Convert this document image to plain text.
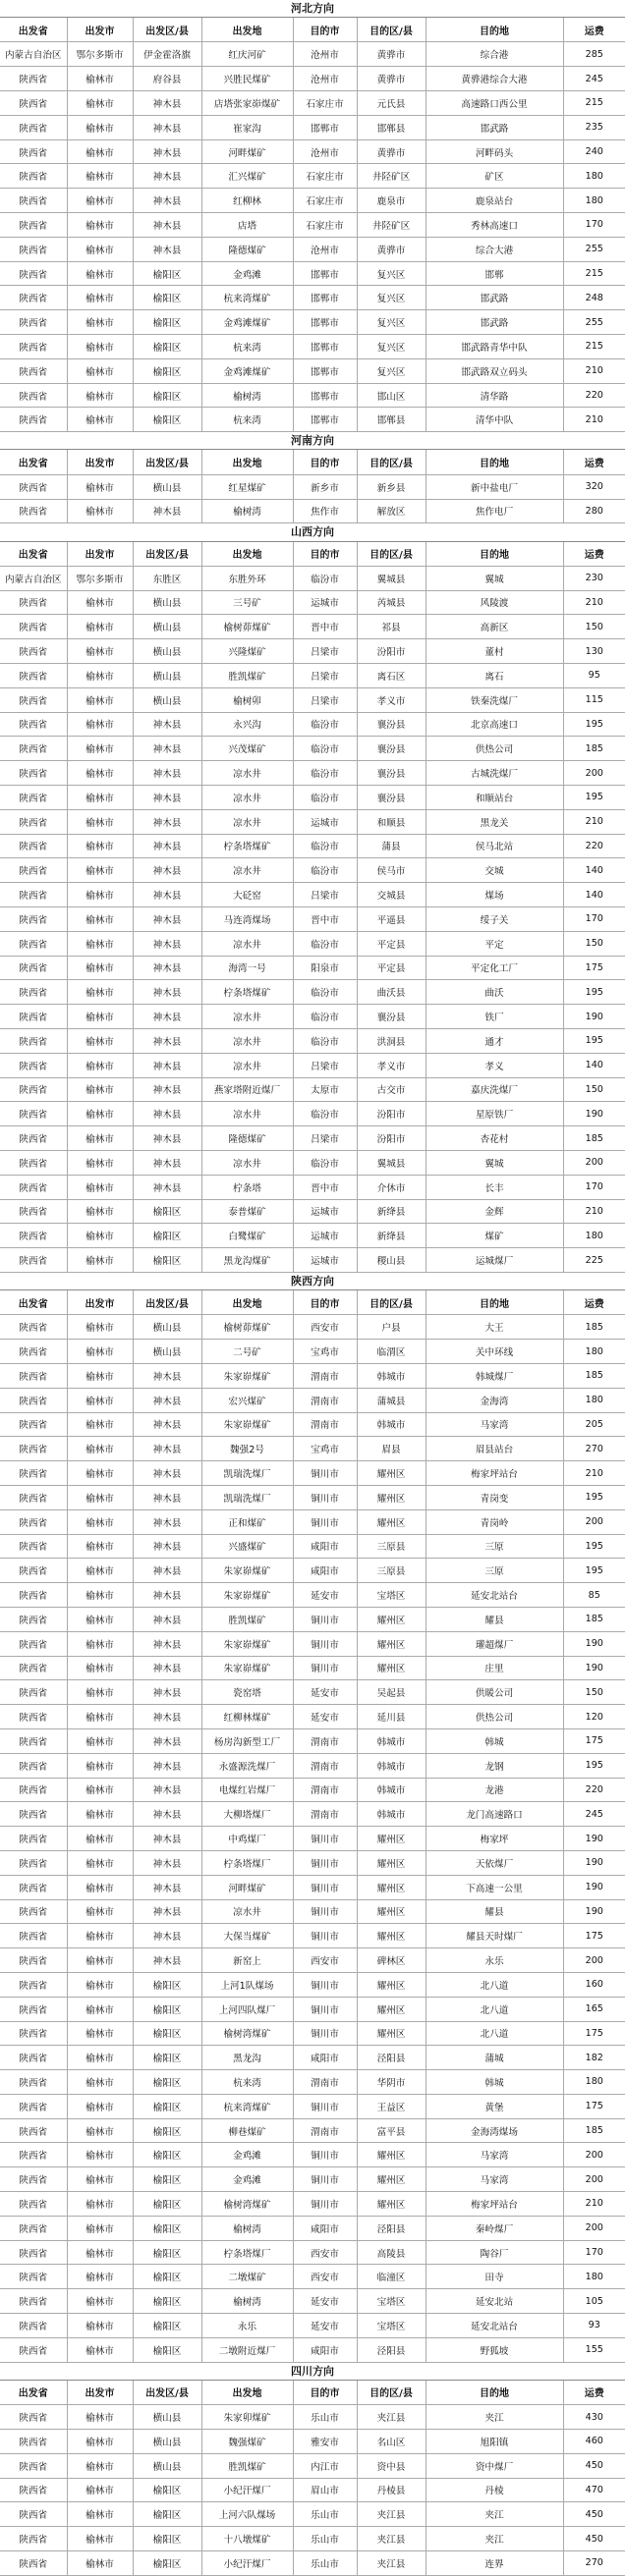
河北方向
出发省	出发市	出发区/县	出发地	目的市	目的区/县	目的地	运费
内蒙古自治区	鄂尔多斯市	伊金霍洛旗	红庆河矿	沧州市	黄骅市	综合港	285
陕西省	榆林市	府谷县	兴胜民煤矿	沧州市	黄骅市	黄骅港综合大港	245
陕西省	榆林市	神木县	店塔张家峁煤矿	石家庄市	元氏县	高速路口西公里	215
陕西省	榆林市	神木县	崔家沟	邯郸市	邯郸县	邯武路	235
陕西省	榆林市	神木县	河畔煤矿	沧州市	黄骅市	河畔码头	240
陕西省	榆林市	神木县	汇兴煤矿	石家庄市	井陉矿区	矿区	180
陕西省	榆林市	神木县	红柳林	石家庄市	鹿泉市	鹿泉站台	180
陕西省	榆林市	神木县	店塔	石家庄市	井陉矿区	秀林高速口	170
陕西省	榆林市	神木县	隆德煤矿	沧州市	黄骅市	综合大港	255
陕西省	榆林市	榆阳区	金鸡滩	邯郸市	复兴区	邯郸	215
陕西省	榆林市	榆阳区	杭来湾煤矿	邯郸市	复兴区	邯武路	248
陕西省	榆林市	榆阳区	金鸡滩煤矿	邯郸市	复兴区	邯武路	255
陕西省	榆林市	榆阳区	杭来湾	邯郸市	复兴区	邯武路青华中队	215
陕西省	榆林市	榆阳区	金鸡滩煤矿	邯郸市	复兴区	邯武路双立码头	210
陕西省	榆林市	榆阳区	榆树湾	邯郸市	邯山区	清华路	220
陕西省	榆林市	榆阳区	杭来湾	邯郸市	邯郸县	清华中队	210
河南方向
出发省	出发市	出发区/县	出发地	目的市	目的区/县	目的地	运费
陕西省	榆林市	横山县	红星煤矿	新乡市	新乡县	新中盐电厂	320
陕西省	榆林市	神木县	榆树湾	焦作市	解放区	焦作电厂	280
山西方向
出发省	出发市	出发区/县	出发地	目的市	目的区/县	目的地	运费
内蒙古自治区	鄂尔多斯市	东胜区	东胜外环	临汾市	翼城县	翼城	230
陕西省	榆林市	横山县	三号矿	运城市	芮城县	风陵渡	210
陕西省	榆林市	横山县	榆树茆煤矿	晋中市	祁县	高新区	150
陕西省	榆林市	横山县	兴隆煤矿	吕梁市	汾阳市	董村	130
陕西省	榆林市	横山县	胜凯煤矿	吕梁市	离石区	离石	95
陕西省	榆林市	横山县	榆树卯	吕梁市	孝义市	铁秦洗煤厂	115
陕西省	榆林市	神木县	永兴沟	临汾市	襄汾县	北京高速口	195
陕西省	榆林市	神木县	兴茂煤矿	临汾市	襄汾县	供热公司	185
陕西省	榆林市	神木县	凉水井	临汾市	襄汾县	古城洗煤厂	200
陕西省	榆林市	神木县	凉水井	临汾市	襄汾县	和顺站台	195
陕西省	榆林市	神木县	凉水井	运城市	和顺县	黑龙关	210
陕西省	榆林市	神木县	柠条塔煤矿	临汾市	蒲县	侯马北站	220
陕西省	榆林市	神木县	凉水井	临汾市	侯马市	交城	140
陕西省	榆林市	神木县	大砭窑	吕梁市	交城县	煤场	140
陕西省	榆林市	神木县	马连湾煤场	晋中市	平遥县	绥子关	170
陕西省	榆林市	神木县	凉水井	临汾市	平定县	平定	150
陕西省	榆林市	神木县	海湾一号	阳泉市	平定县	平定化工厂	175
陕西省	榆林市	神木县	柠条塔煤矿	临汾市	曲沃县	曲沃	195
陕西省	榆林市	神木县	凉水井	临汾市	襄汾县	铁厂	190
陕西省	榆林市	神木县	凉水井	临汾市	洪洞县	通才	195
陕西省	榆林市	神木县	凉水井	吕梁市	孝义市	孝义	140
陕西省	榆林市	神木县	燕家塔附近煤厂	太原市	古交市	嘉庆洗煤厂	150
陕西省	榆林市	神木县	凉水井	临汾市	汾阳市	星原铁厂	190
陕西省	榆林市	神木县	隆德煤矿	吕梁市	汾阳市	杏花村	185
陕西省	榆林市	神木县	凉水井	临汾市	翼城县	翼城	200
陕西省	榆林市	神木县	柠条塔	晋中市	介休市	长丰	170
陕西省	榆林市	榆阳区	泰普煤矿	运城市	新绛县	金辉	210
陕西省	榆林市	榆阳区	白鹭煤矿	运城市	新绛县	煤矿	180
陕西省	榆林市	榆阳区	黑龙沟煤矿	运城市	稷山县	运城煤厂	225
陕西方向
出发省	出发市	出发区/县	出发地	目的市	目的区/县	目的地	运费
陕西省	榆林市	横山县	榆树茆煤矿	西安市	户县	大王	185
陕西省	榆林市	横山县	二号矿	宝鸡市	临渭区	关中环线	180
陕西省	榆林市	神木县	朱家峁煤矿	渭南市	韩城市	韩城煤厂	185
陕西省	榆林市	神木县	宏兴煤矿	渭南市	蒲城县	金海湾	180
陕西省	榆林市	神木县	朱家峁煤矿	渭南市	韩城市	马家湾	205
陕西省	榆林市	神木县	魏强2号	宝鸡市	眉县	眉县站台	270
陕西省	榆林市	神木县	凯瑞洗煤厂	铜川市	耀州区	梅家坪站台	210
陕西省	榆林市	神木县	凯瑞洗煤厂	铜川市	耀州区	青岗变	195
陕西省	榆林市	神木县	正和煤矿	铜川市	耀州区	青岗岭	200
陕西省	榆林市	神木县	兴盛煤矿	咸阳市	三原县	三原	195
陕西省	榆林市	神木县	朱家峁煤矿	咸阳市	三原县	三原	195
陕西省	榆林市	神木县	朱家峁煤矿	延安市	宝塔区	延安北站台	85
陕西省	榆林市	神木县	胜凯煤矿	铜川市	耀州区	耀县	185
陕西省	榆林市	神木县	朱家峁煤矿	铜川市	耀州区	瓘超煤厂	190
陕西省	榆林市	神木县	朱家峁煤矿	铜川市	耀州区	庄里	190
陕西省	榆林市	神木县	瓷窑塔	延安市	吴起县	供暖公司	150
陕西省	榆林市	神木县	红柳林煤矿	延安市	延川县	供热公司	120
陕西省	榆林市	神木县	杨房沟新型工厂	渭南市	韩城市	韩城	175
陕西省	榆林市	神木县	永盛源洗煤厂	渭南市	韩城市	龙钢	195
陕西省	榆林市	神木县	电煤红岩煤厂	渭南市	韩城市	龙港	220
陕西省	榆林市	神木县	大柳塔煤厂	渭南市	韩城市	龙门高速路口	245
陕西省	榆林市	神木县	中鸡煤厂	铜川市	耀州区	梅家坪	190
陕西省	榆林市	神木县	柠条塔煤厂	铜川市	耀州区	天依煤厂	190
陕西省	榆林市	神木县	河畔煤矿	铜川市	耀州区	下高速一公里	190
陕西省	榆林市	神木县	凉水井	铜川市	耀州区	耀县	190
陕西省	榆林市	神木县	大保当煤矿	铜川市	耀州区	耀县天时煤厂	175
陕西省	榆林市	神木县	新窑上	西安市	碑林区	永乐	200
陕西省	榆林市	榆阳区	上河1队煤场	铜川市	耀州区	北八道	160
陕西省	榆林市	榆阳区	上河四队煤厂	铜川市	耀州区	北八道	165
陕西省	榆林市	榆阳区	榆树湾煤矿	铜川市	耀州区	北八道	175
陕西省	榆林市	榆阳区	黑龙沟	咸阳市	泾阳县	蒲城	182
陕西省	榆林市	榆阳区	杭来湾	渭南市	华阴市	韩城	180
陕西省	榆林市	榆阳区	杭来湾煤矿	铜川市	王益区	黄堡	175
陕西省	榆林市	榆阳区	柳巷煤矿	渭南市	富平县	金海湾煤场	185
陕西省	榆林市	榆阳区	金鸡滩	铜川市	耀州区	马家湾	200
陕西省	榆林市	榆阳区	金鸡滩	铜川市	耀州区	马家湾	200
陕西省	榆林市	榆阳区	榆树湾煤矿	铜川市	耀州区	梅家坪站台	210
陕西省	榆林市	榆阳区	榆树湾	咸阳市	泾阳县	秦岭煤厂	200
陕西省	榆林市	榆阳区	柠条塔煤厂	西安市	高陵县	陶谷厂	170
陕西省	榆林市	榆阳区	二墩煤矿	西安市	临潼区	田寺	180
陕西省	榆林市	榆阳区	榆树湾	延安市	宝塔区	延安北站	105
陕西省	榆林市	榆阳区	永乐	延安市	宝塔区	延安北站台	93
陕西省	榆林市	榆阳区	二墩附近煤厂	咸阳市	泾阳县	野狐坡	155
四川方向
出发省	出发市	出发区/县	出发地	目的市	目的区/县	目的地	运费
陕西省	榆林市	横山县	朱家卯煤矿	乐山市	夹江县	夹江	430
陕西省	榆林市	横山县	魏强煤矿	雅安市	名山区	旭阳镇	460
陕西省	榆林市	横山县	胜凯煤矿	内江市	资中县	资中煤厂	450
陕西省	榆林市	榆阳区	小纪汗煤厂	眉山市	丹棱县	丹棱	470
陕西省	榆林市	榆阳区	上河六队煤场	乐山市	夹江县	夹江	450
陕西省	榆林市	榆阳区	十八墩煤矿	乐山市	夹江县	夹江	450
陕西省	榆林市	榆阳区	小纪汗煤厂	乐山市	夹江县	连界	270
